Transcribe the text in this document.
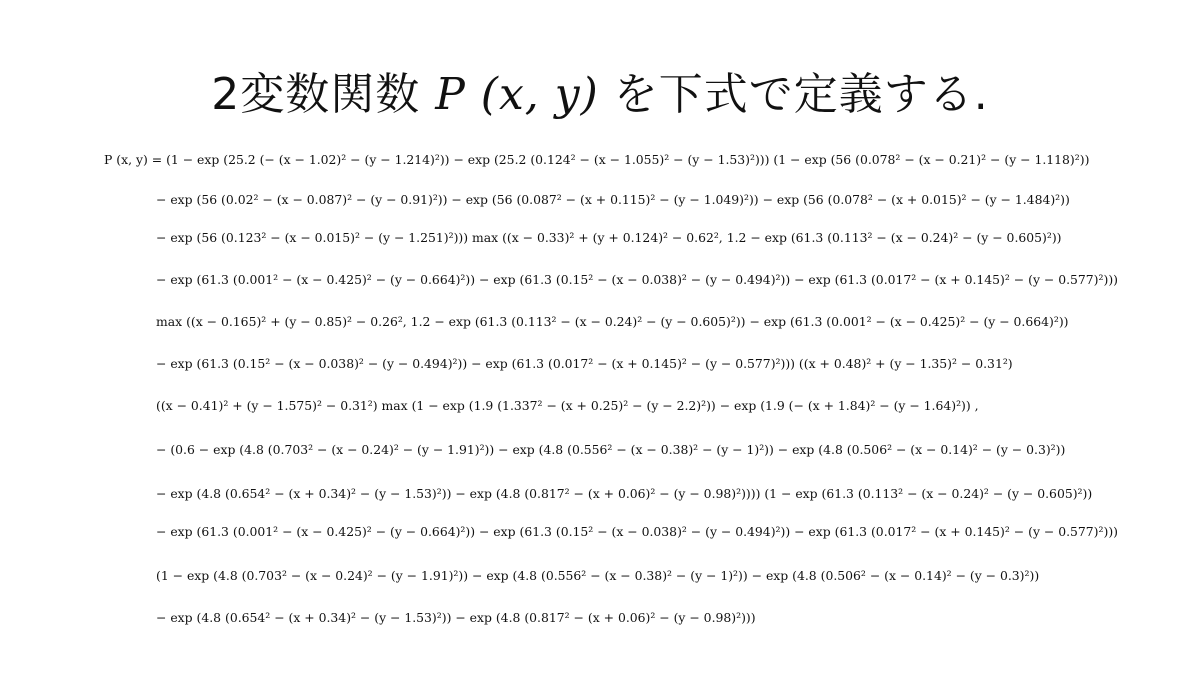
2変数関数 P (x, y) を下式で定義する.
P (x, y) = (1 − exp (25.2 (− (x − 1.02)² − (y − 1.214)²)) − exp (25.2 (0.124² − (x − 1.055)² − (y − 1.53)²))) (1 − exp (56 (0.078² − (x − 0.21)² − (y − 1.118)²))
− exp (56 (0.02² − (x − 0.087)² − (y − 0.91)²)) − exp (56 (0.087² − (x + 0.115)² − (y − 1.049)²)) − exp (56 (0.078² − (x + 0.015)² − (y − 1.484)²))
− exp (56 (0.123² − (x − 0.015)² − (y − 1.251)²))) max ((x − 0.33)² + (y + 0.124)² − 0.62², 1.2 − exp (61.3 (0.113² − (x − 0.24)² − (y − 0.605)²))
− exp (61.3 (0.001² − (x − 0.425)² − (y − 0.664)²)) − exp (61.3 (0.15² − (x − 0.038)² − (y − 0.494)²)) − exp (61.3 (0.017² − (x + 0.145)² − (y − 0.577)²)))
max ((x − 0.165)² + (y − 0.85)² − 0.26², 1.2 − exp (61.3 (0.113² − (x − 0.24)² − (y − 0.605)²)) − exp (61.3 (0.001² − (x − 0.425)² − (y − 0.664)²))
− exp (61.3 (0.15² − (x − 0.038)² − (y − 0.494)²)) − exp (61.3 (0.017² − (x + 0.145)² − (y − 0.577)²))) ((x + 0.48)² + (y − 1.35)² − 0.31²)
((x − 0.41)² + (y − 1.575)² − 0.31²) max (1 − exp (1.9 (1.337² − (x + 0.25)² − (y − 2.2)²)) − exp (1.9 (− (x + 1.84)² − (y − 1.64)²)) ,
− (0.6 − exp (4.8 (0.703² − (x − 0.24)² − (y − 1.91)²)) − exp (4.8 (0.556² − (x − 0.38)² − (y − 1)²)) − exp (4.8 (0.506² − (x − 0.14)² − (y − 0.3)²))
− exp (4.8 (0.654² − (x + 0.34)² − (y − 1.53)²)) − exp (4.8 (0.817² − (x + 0.06)² − (y − 0.98)²)))) (1 − exp (61.3 (0.113² − (x − 0.24)² − (y − 0.605)²))
− exp (61.3 (0.001² − (x − 0.425)² − (y − 0.664)²)) − exp (61.3 (0.15² − (x − 0.038)² − (y − 0.494)²)) − exp (61.3 (0.017² − (x + 0.145)² − (y − 0.577)²)))
(1 − exp (4.8 (0.703² − (x − 0.24)² − (y − 1.91)²)) − exp (4.8 (0.556² − (x − 0.38)² − (y − 1)²)) − exp (4.8 (0.506² − (x − 0.14)² − (y − 0.3)²))
− exp (4.8 (0.654² − (x + 0.34)² − (y − 1.53)²)) − exp (4.8 (0.817² − (x + 0.06)² − (y − 0.98)²)))
